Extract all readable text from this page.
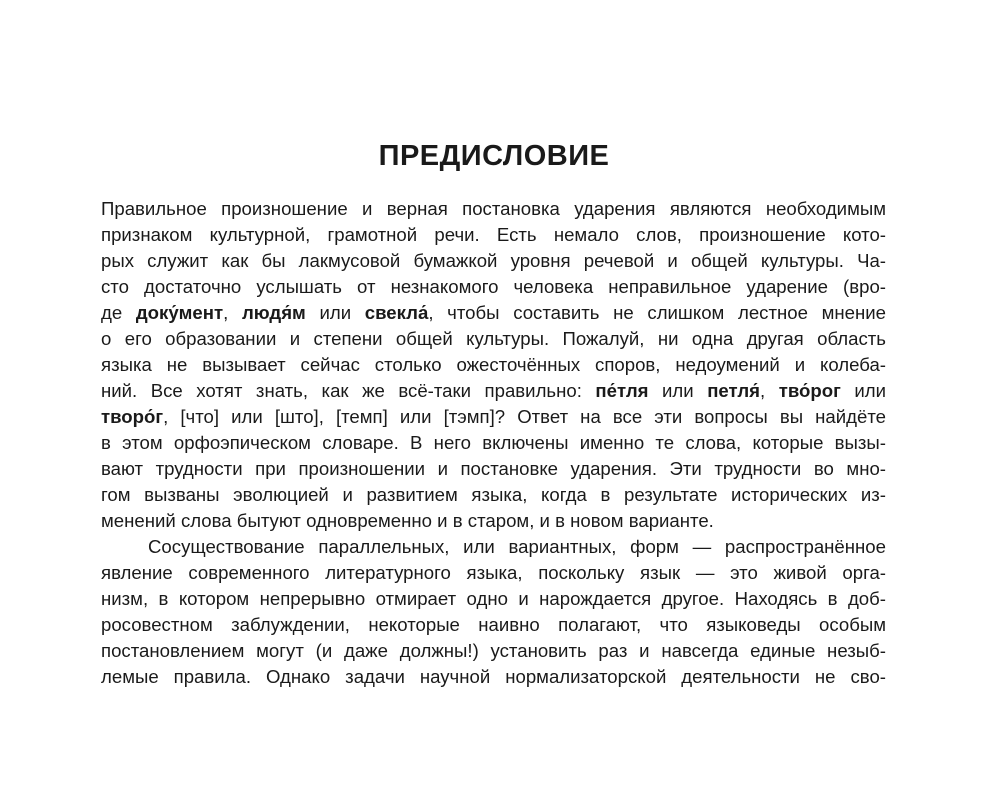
ПРЕДИСЛОВИЕ
Правильное произношение и верная постановка ударения являются необходимым
признаком культурной, грамотной речи. Есть немало слов, произношение кото-
рых служит как бы лакмусовой бумажкой уровня речевой и общей культуры. Ча-
сто достаточно услышать от незнакомого человека неправильное ударение (вро-
де доку́мент, людя́м или свекла́, чтобы составить не слишком лестное мнение
о его образовании и степени общей культуры. Пожалуй, ни одна другая область
языка не вызывает сейчас столько ожесточённых споров, недоумений и колеба-
ний. Все хотят знать, как же всё-таки правильно: пе́тля или петля́, тво́рог или
творо́г, [что] или [што], [темп] или [тэмп]? Ответ на все эти вопросы вы найдёте
в этом орфоэпическом словаре. В него включены именно те слова, которые вызы-
вают трудности при произношении и постановке ударения. Эти трудности во мно-
гом вызваны эволюцией и развитием языка, когда в результате исторических из-
менений слова бытуют одновременно и в старом, и в новом варианте.
Сосуществование параллельных, или вариантных, форм — распространённое
явление современного литературного языка, поскольку язык — это живой орга-
низм, в котором непрерывно отмирает одно и нарождается другое. Находясь в доб-
росовестном заблуждении, некоторые наивно полагают, что языковеды особым
постановлением могут (и даже должны!) установить раз и навсегда единые незыб-
лемые правила. Однако задачи научной нормализаторской деятельности не сво-
